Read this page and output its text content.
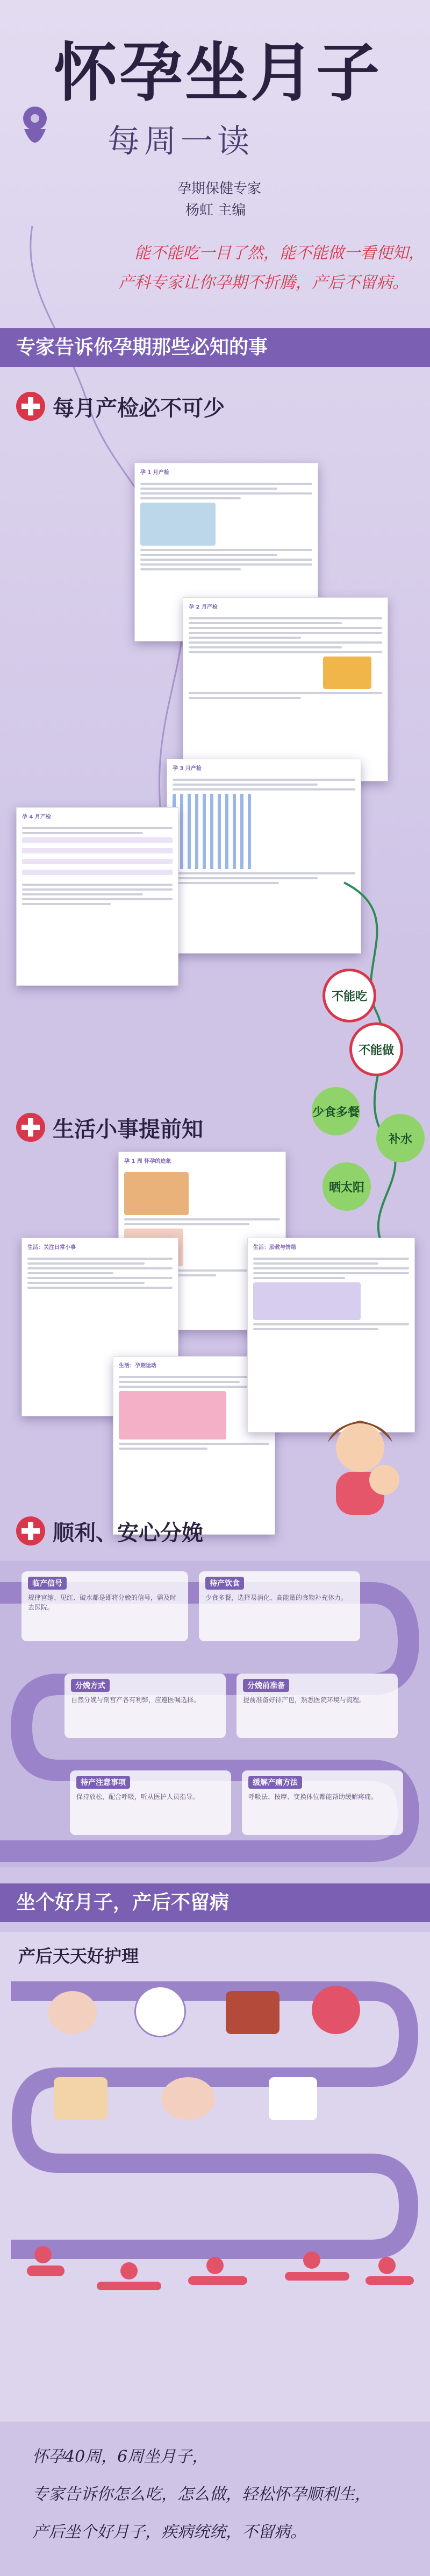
怀孕坐月子
每周一读
孕期保健专家
杨虹 主编
能不能吃一目了然，能不能做一看便知，
产科专家让你孕期不折腾，产后不留病。
专家告诉你孕期那些必知的事
每月产检必不可少
孕 1 月产检
孕 2 月产检
孕 3 月产检
孕 4 月产检
不能吃
不能做
少食多餐
补水
晒太阳
生活小事提前知
孕 1 周 怀孕的迹象
生活：关注日常小事
生活：孕期运动
生活：胎教与情绪
顺利、安心分娩
临产信号
规律宫缩、见红、破水都是即将分娩的信号，需及时去医院。
待产饮食
少食多餐，选择易消化、高能量的食物补充体力。
分娩方式
自然分娩与剖宫产各有利弊，应遵医嘱选择。
分娩前准备
提前准备好待产包，熟悉医院环境与流程。
待产注意事项
保持放松，配合呼吸，听从医护人员指导。
缓解产痛方法
呼吸法、按摩、变换体位都能帮助缓解疼痛。
坐个好月子，产后不留病
产后天天好护理
怀孕40周，6周坐月子，
专家告诉你怎么吃，怎么做，轻松怀孕顺利生，
产后坐个好月子，疾病统统，不留病。
